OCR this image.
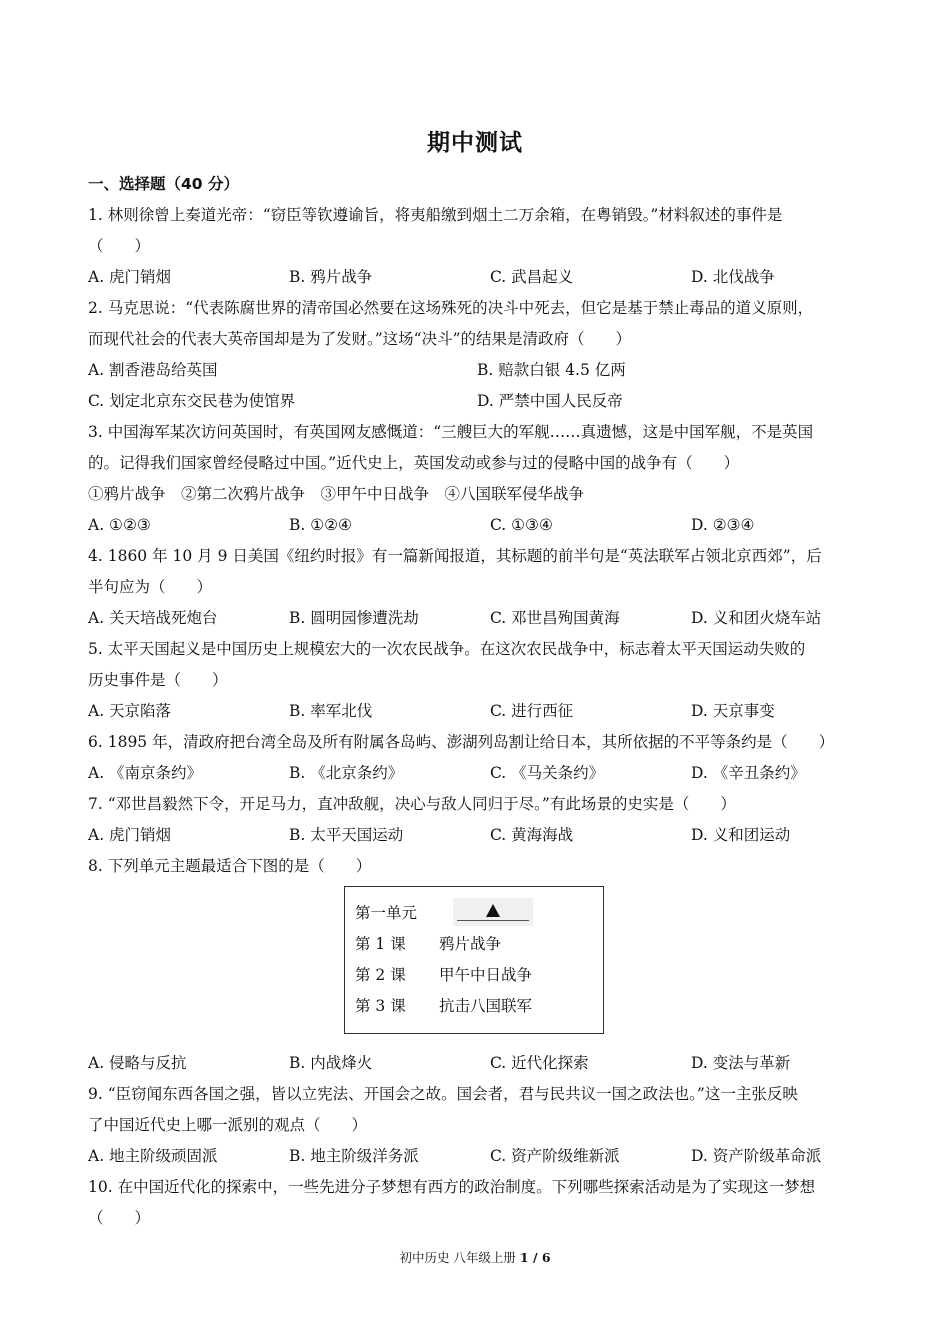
期中测试
一、选择题（40 分）
1. 林则徐曾上奏道光帝：“窃臣等钦遵谕旨，将夷船缴到烟土二万余箱，在粤销毁。”材料叙述的事件是
（　　）
A. 虎门销烟	B. 鸦片战争	C. 武昌起义	D. 北伐战争
2. 马克思说：“代表陈腐世界的清帝国必然要在这场殊死的决斗中死去，但它是基于禁止毒品的道义原则，
而现代社会的代表大英帝国却是为了发财。”这场“决斗”的结果是清政府（　　）
A. 割香港岛给英国	B. 赔款白银 4.5 亿两
C. 划定北京东交民巷为使馆界	D. 严禁中国人民反帝
3. 中国海军某次访问英国时，有英国网友感慨道：“三艘巨大的军舰……真遗憾，这是中国军舰，不是英国
的。记得我们国家曾经侵略过中国。”近代史上，英国发动或参与过的侵略中国的战争有（　　）
①鸦片战争　②第二次鸦片战争　③甲午中日战争　④八国联军侵华战争
A. ①②③	B. ①②④	C. ①③④	D. ②③④
4. 1860 年 10 月 9 日美国《纽约时报》有一篇新闻报道，其标题的前半句是“英法联军占领北京西郊”，后
半句应为（　　）
A. 关天培战死炮台	B. 圆明园惨遭洗劫	C. 邓世昌殉国黄海	D. 义和团火烧车站
5. 太平天国起义是中国历史上规模宏大的一次农民战争。在这次农民战争中，标志着太平天国运动失败的
历史事件是（　　）
A. 天京陷落	B. 率军北伐	C. 进行西征	D. 天京事变
6. 1895 年，清政府把台湾全岛及所有附属各岛屿、澎湖列岛割让给日本，其所依据的不平等条约是（　　）
A. 《南京条约》	B. 《北京条约》	C. 《马关条约》	D. 《辛丑条约》
7. “邓世昌毅然下令，开足马力，直冲敌舰，决心与敌人同归于尽。”有此场景的史实是（　　）
A. 虎门销烟	B. 太平天国运动	C. 黄海海战	D. 义和团运动
8. 下列单元主题最适合下图的是（　　）
第一单元
第 1 课	鸦片战争
第 2 课	甲午中日战争
第 3 课	抗击八国联军
A. 侵略与反抗	B. 内战烽火	C. 近代化探索	D. 变法与革新
9. “臣窃闻东西各国之强，皆以立宪法、开国会之故。国会者，君与民共议一国之政法也。”这一主张反映
了中国近代史上哪一派别的观点（　　）
A. 地主阶级顽固派	B. 地主阶级洋务派	C. 资产阶级维新派	D. 资产阶级革命派
10. 在中国近代化的探索中，一些先进分子梦想有西方的政治制度。下列哪些探索活动是为了实现这一梦想
（　　）
初中历史 八年级上册 1 / 6
